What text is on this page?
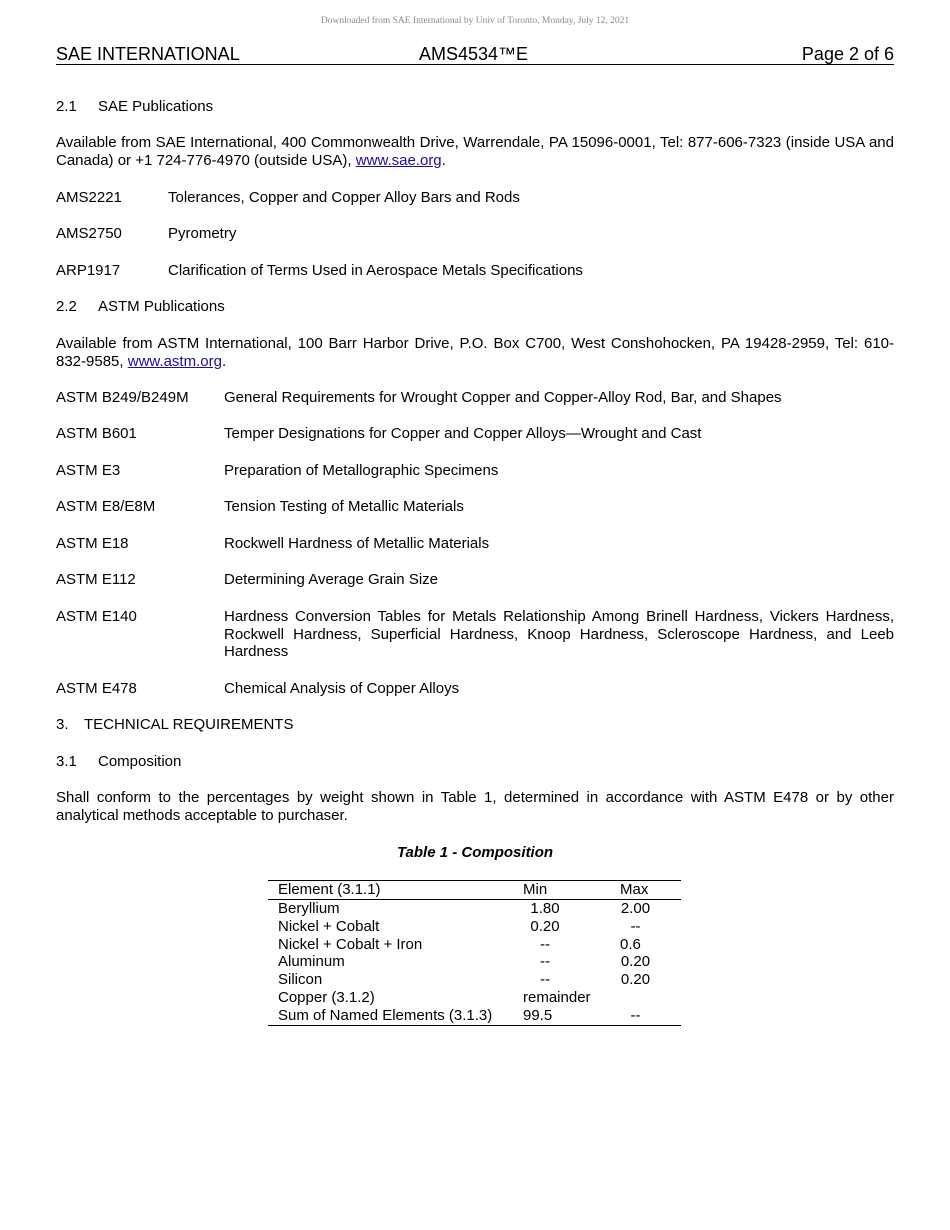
Downloaded from SAE International by Univ of Toronto, Monday, July 12, 2021
SAE INTERNATIONAL	AMS4534™E	Page 2 of 6
2.1 SAE Publications
Available from SAE International, 400 Commonwealth Drive, Warrendale, PA 15096-0001, Tel: 877-606-7323 (inside USA and Canada) or +1 724-776-4970 (outside USA), www.sae.org.
AMS2221	Tolerances, Copper and Copper Alloy Bars and Rods
AMS2750	Pyrometry
ARP1917	Clarification of Terms Used in Aerospace Metals Specifications
2.2 ASTM Publications
Available from ASTM International, 100 Barr Harbor Drive, P.O. Box C700, West Conshohocken, PA 19428-2959, Tel: 610-832-9585, www.astm.org.
ASTM B249/B249M General Requirements for Wrought Copper and Copper-Alloy Rod, Bar, and Shapes
ASTM B601	Temper Designations for Copper and Copper Alloys—Wrought and Cast
ASTM E3	Preparation of Metallographic Specimens
ASTM E8/E8M	Tension Testing of Metallic Materials
ASTM E18	Rockwell Hardness of Metallic Materials
ASTM E112	Determining Average Grain Size
ASTM E140	Hardness Conversion Tables for Metals Relationship Among Brinell Hardness, Vickers Hardness, Rockwell Hardness, Superficial Hardness, Knoop Hardness, Scleroscope Hardness, and Leeb Hardness
ASTM E478	Chemical Analysis of Copper Alloys
3. TECHNICAL REQUIREMENTS
3.1 Composition
Shall conform to the percentages by weight shown in Table 1, determined in accordance with ASTM E478 or by other analytical methods acceptable to purchaser.
Table 1 - Composition
Element (3.1.1)	Min	Max
Beryllium	1.80	2.00
Nickel + Cobalt	0.20	--
Nickel + Cobalt + Iron	--	0.6
Aluminum	--	0.20
Silicon	--	0.20
Copper (3.1.2)	remainder
Sum of Named Elements (3.1.3) 99.5	--
